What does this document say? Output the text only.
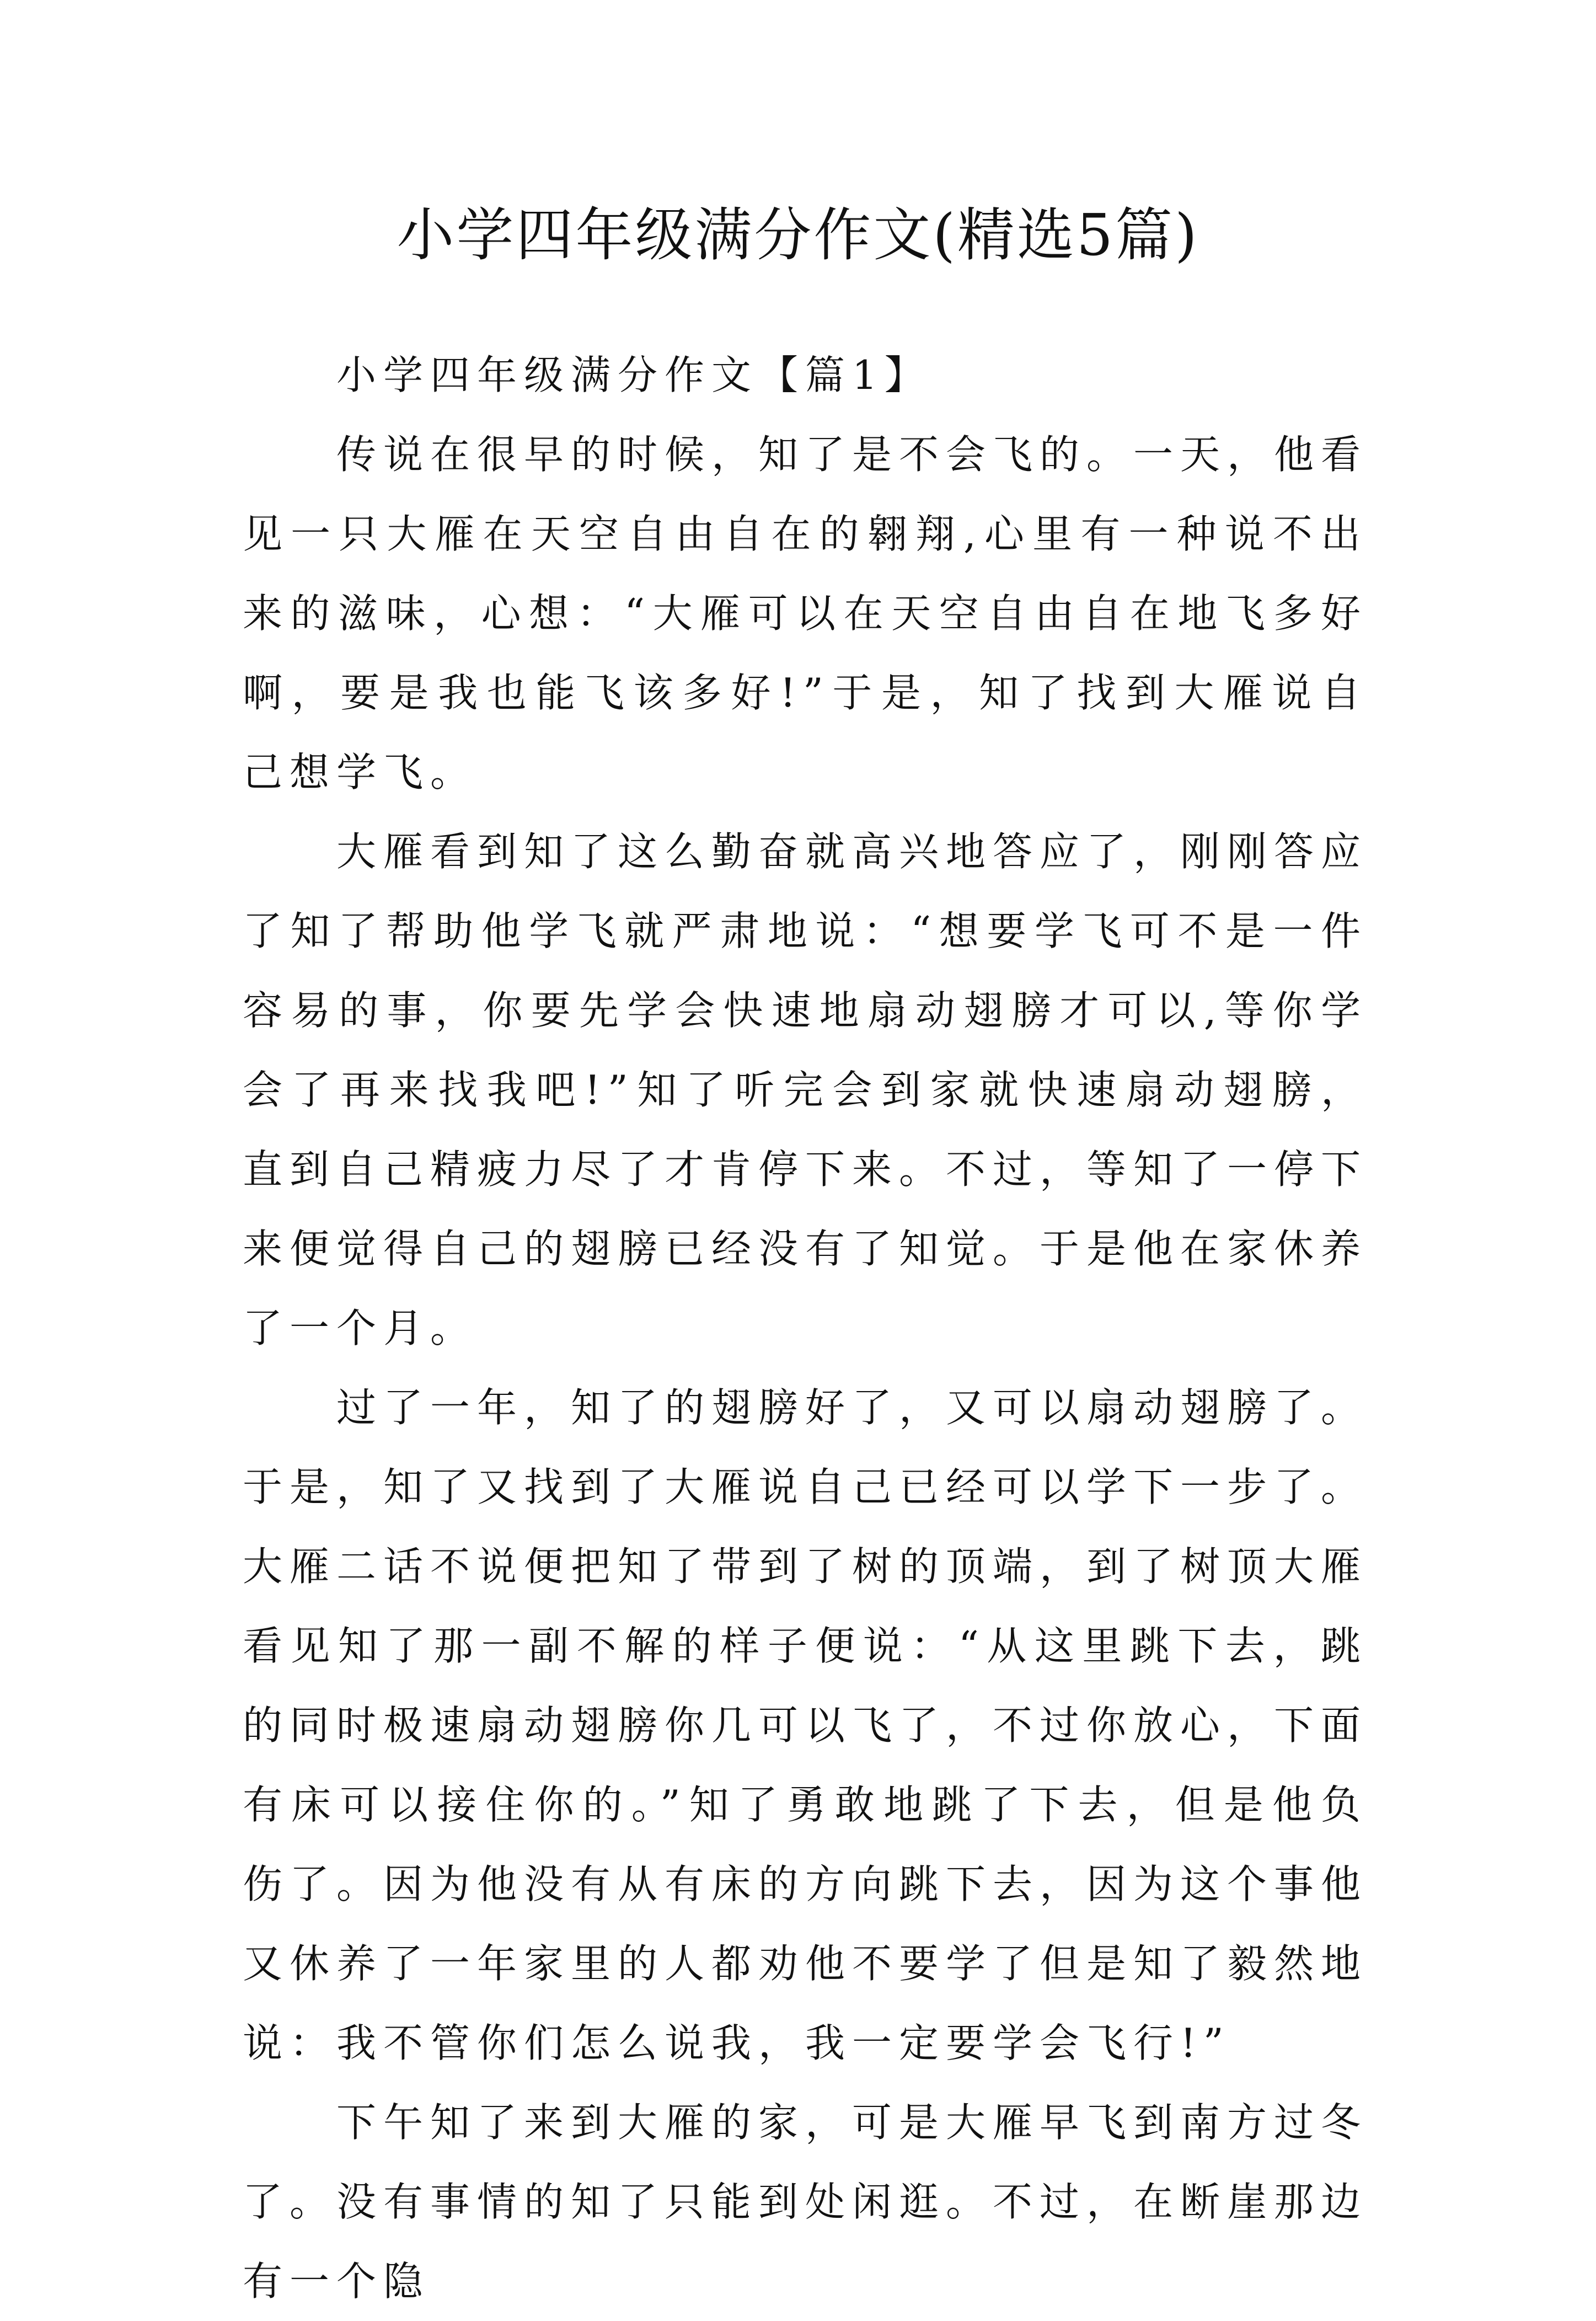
小学四年级满分作文(精选5篇)

小学四年级满分作文【篇1】

传说在很早的时候，知了是不会飞的。一天，他看见一只大雁在天空自由自在的翱翔,心里有一种说不出来的滋味，心想：“大雁可以在天空自由自在地飞多好啊，要是我也能飞该多好!”于是，知了找到大雁说自己想学飞。

大雁看到知了这么勤奋就高兴地答应了，刚刚答应了知了帮助他学飞就严肃地说：“想要学飞可不是一件容易的事，你要先学会快速地扇动翅膀才可以,等你学会了再来找我吧!”知了听完会到家就快速扇动翅膀，直到自己精疲力尽了才肯停下来。不过，等知了一停下来便觉得自己的翅膀已经没有了知觉。于是他在家休养了一个月。

过了一年，知了的翅膀好了，又可以扇动翅膀了。于是，知了又找到了大雁说自己已经可以学下一步了。大雁二话不说便把知了带到了树的顶端，到了树顶大雁看见知了那一副不解的样子便说：“从这里跳下去，跳的同时极速扇动翅膀你几可以飞了，不过你放心，下面有床可以接住你的。”知了勇敢地跳了下去，但是他负伤了。因为他没有从有床的方向跳下去，因为这个事他又休养了一年家里的人都劝他不要学了但是知了毅然地说：我不管你们怎么说我，我一定要学会飞行!”

下午知了来到大雁的家，可是大雁早飞到南方过冬了。没有事情的知了只能到处闲逛。不过，在断崖那边有一个隐
